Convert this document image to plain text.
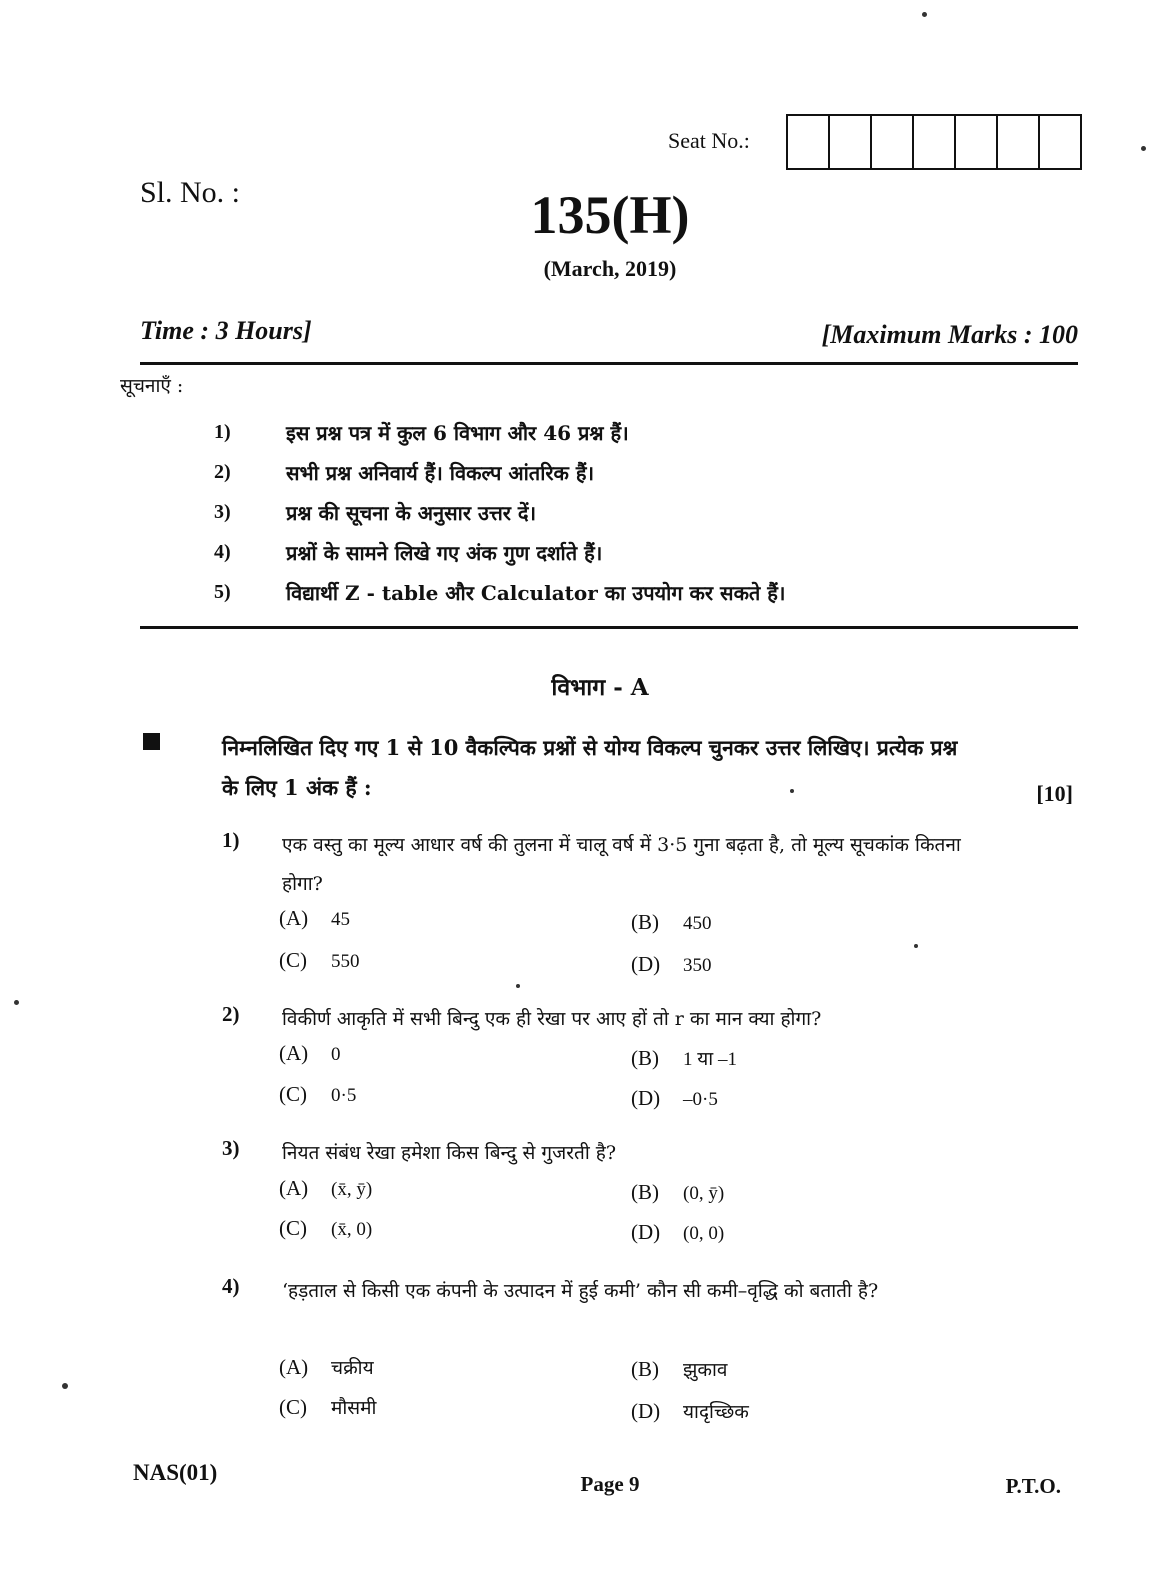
Seat No.:
Sl. No. :	135(H)
(March, 2019)
Time : 3 Hours]	[Maximum Marks : 100
सूचनाएँ :
1)	इस प्रश्न पत्र में कुल 6 विभाग और 46 प्रश्न हैं।
2)	सभी प्रश्न अनिवार्य हैं। विकल्प आंतरिक हैं।
3)	प्रश्न की सूचना के अनुसार उत्तर दें।
4)	प्रश्नों के सामने लिखे गए अंक गुण दर्शाते हैं।
5)	विद्यार्थी Z - table और Calculator का उपयोग कर सकते हैं।
विभाग - A
निम्नलिखित दिए गए 1 से 10 वैकल्पिक प्रश्नों से योग्य विकल्प चुनकर उत्तर लिखिए। प्रत्येक प्रश्न के लिए 1 अंक हैं :	[10]
1) एक वस्तु का मूल्य आधार वर्ष की तुलना में चालू वर्ष में 3·5 गुना बढ़ता है, तो मूल्य सूचकांक कितना होगा?
(A) 45	(B) 450
(C) 550	(D) 350
2) विकीर्ण आकृति में सभी बिन्दु एक ही रेखा पर आए हों तो r का मान क्या होगा?
(A) 0	(B) 1 या –1
(C) 0·5	(D) –0·5
3) नियत संबंध रेखा हमेशा किस बिन्दु से गुजरती है?
(A) (x̄, ȳ)	(B) (0, ȳ)
(C) (x̄, 0)	(D) (0, 0)
4) ‘हड़ताल से किसी एक कंपनी के उत्पादन में हुई कमी’ कौन सी कमी–वृद्धि को बताती है?
(A) चक्रीय	(B) झुकाव
(C) मौसमी	(D) यादृच्छिक
NAS(01)	Page 9	P.T.O.
